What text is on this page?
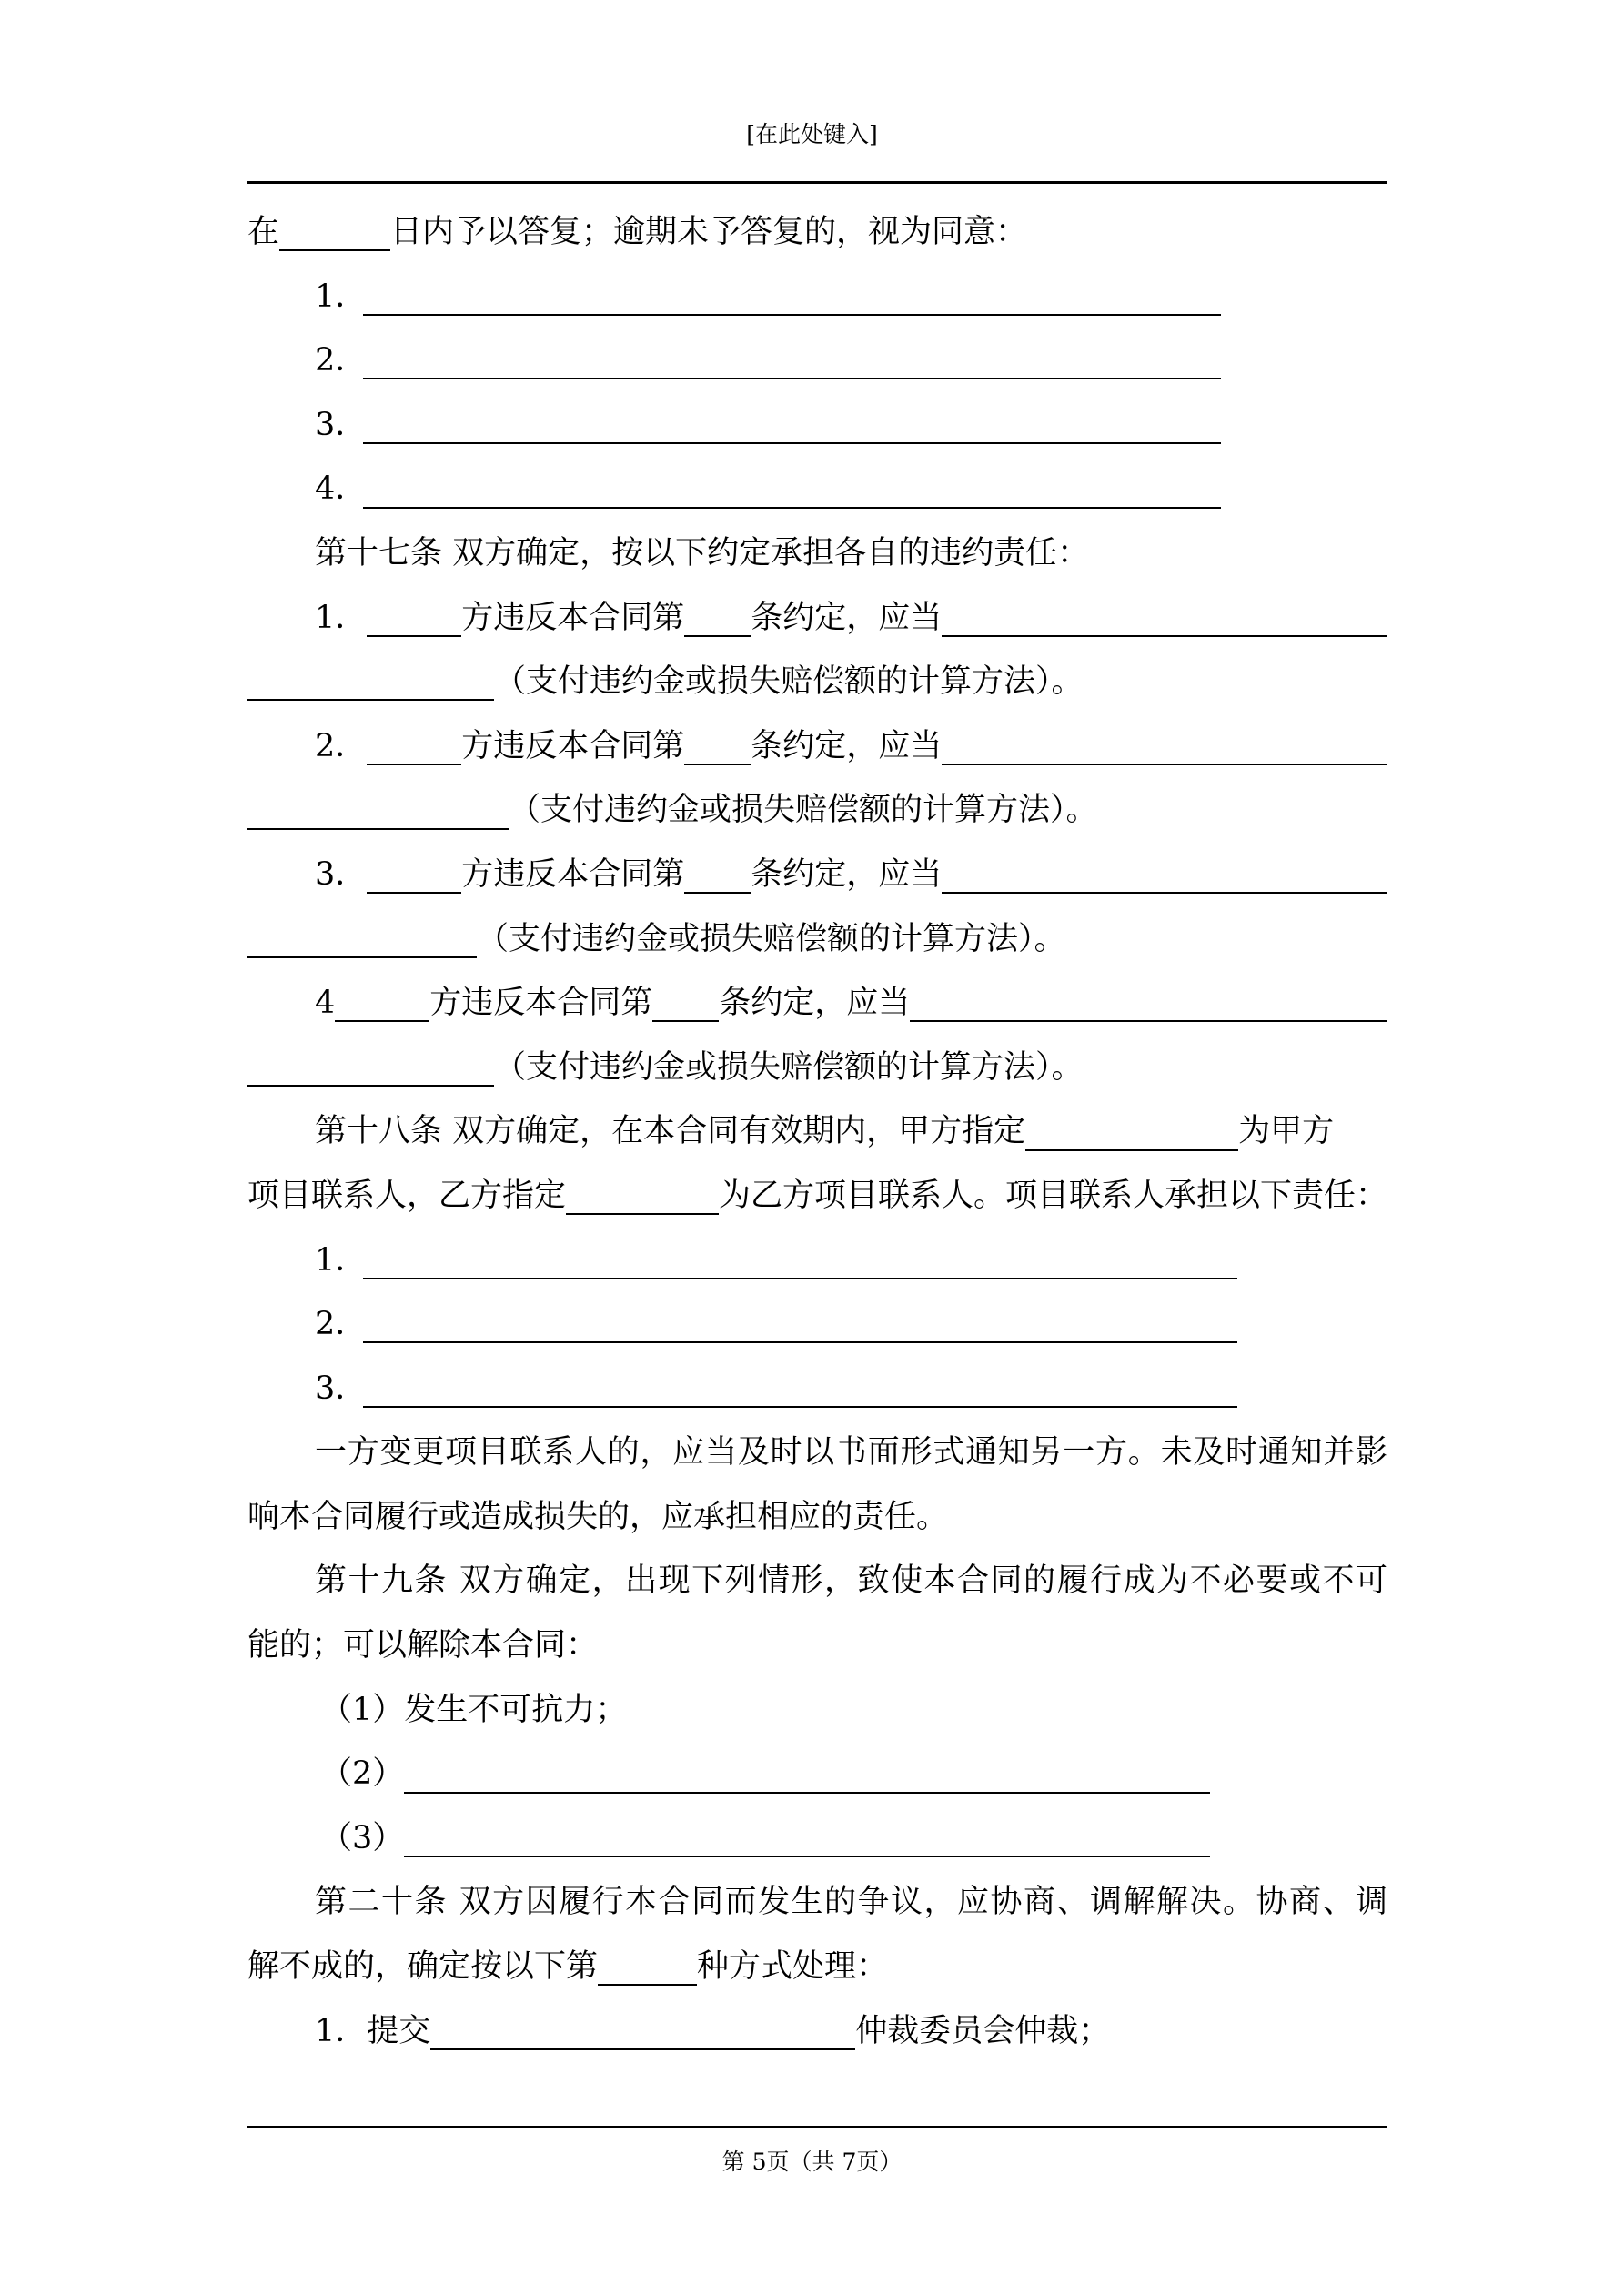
[在此处键入]
在	日内予以答复；逾期未予答复的，视为同意：
1．
2．
3．
4．
第十七条 双方确定，按以下约定承担各自的违约责任：
1．	方违反本合同第 条约定，应当
（支付违约金或损失赔偿额的计算方法）。
2．	方违反本合同第 条约定，应当
（支付违约金或损失赔偿额的计算方法）。
3．	方违反本合同第 条约定，应当
（支付违约金或损失赔偿额的计算方法）。
4	方违反本合同第 条约定，应当
（支付违约金或损失赔偿额的计算方法）。
第十八条 双方确定，在本合同有效期内，甲方指定	为甲方
项目联系人，乙方指定	为乙方项目联系人。项目联系人承担以下责任：
1．
2．
3．
一方变更项目联系人的，应当及时以书面形式通知另一方。未及时通知并影
响本合同履行或造成损失的，应承担相应的责任。
第十九条 双方确定，出现下列情形，致使本合同的履行成为不必要或不可
能的；可以解除本合同：
（1）发生不可抗力；
（2）
（3）
第二十条 双方因履行本合同而发生的争议，应协商、调解解决。协商、调
解不成的，确定按以下第	种方式处理：
1．提交	仲裁委员会仲裁；
第 5页（共 7页）
